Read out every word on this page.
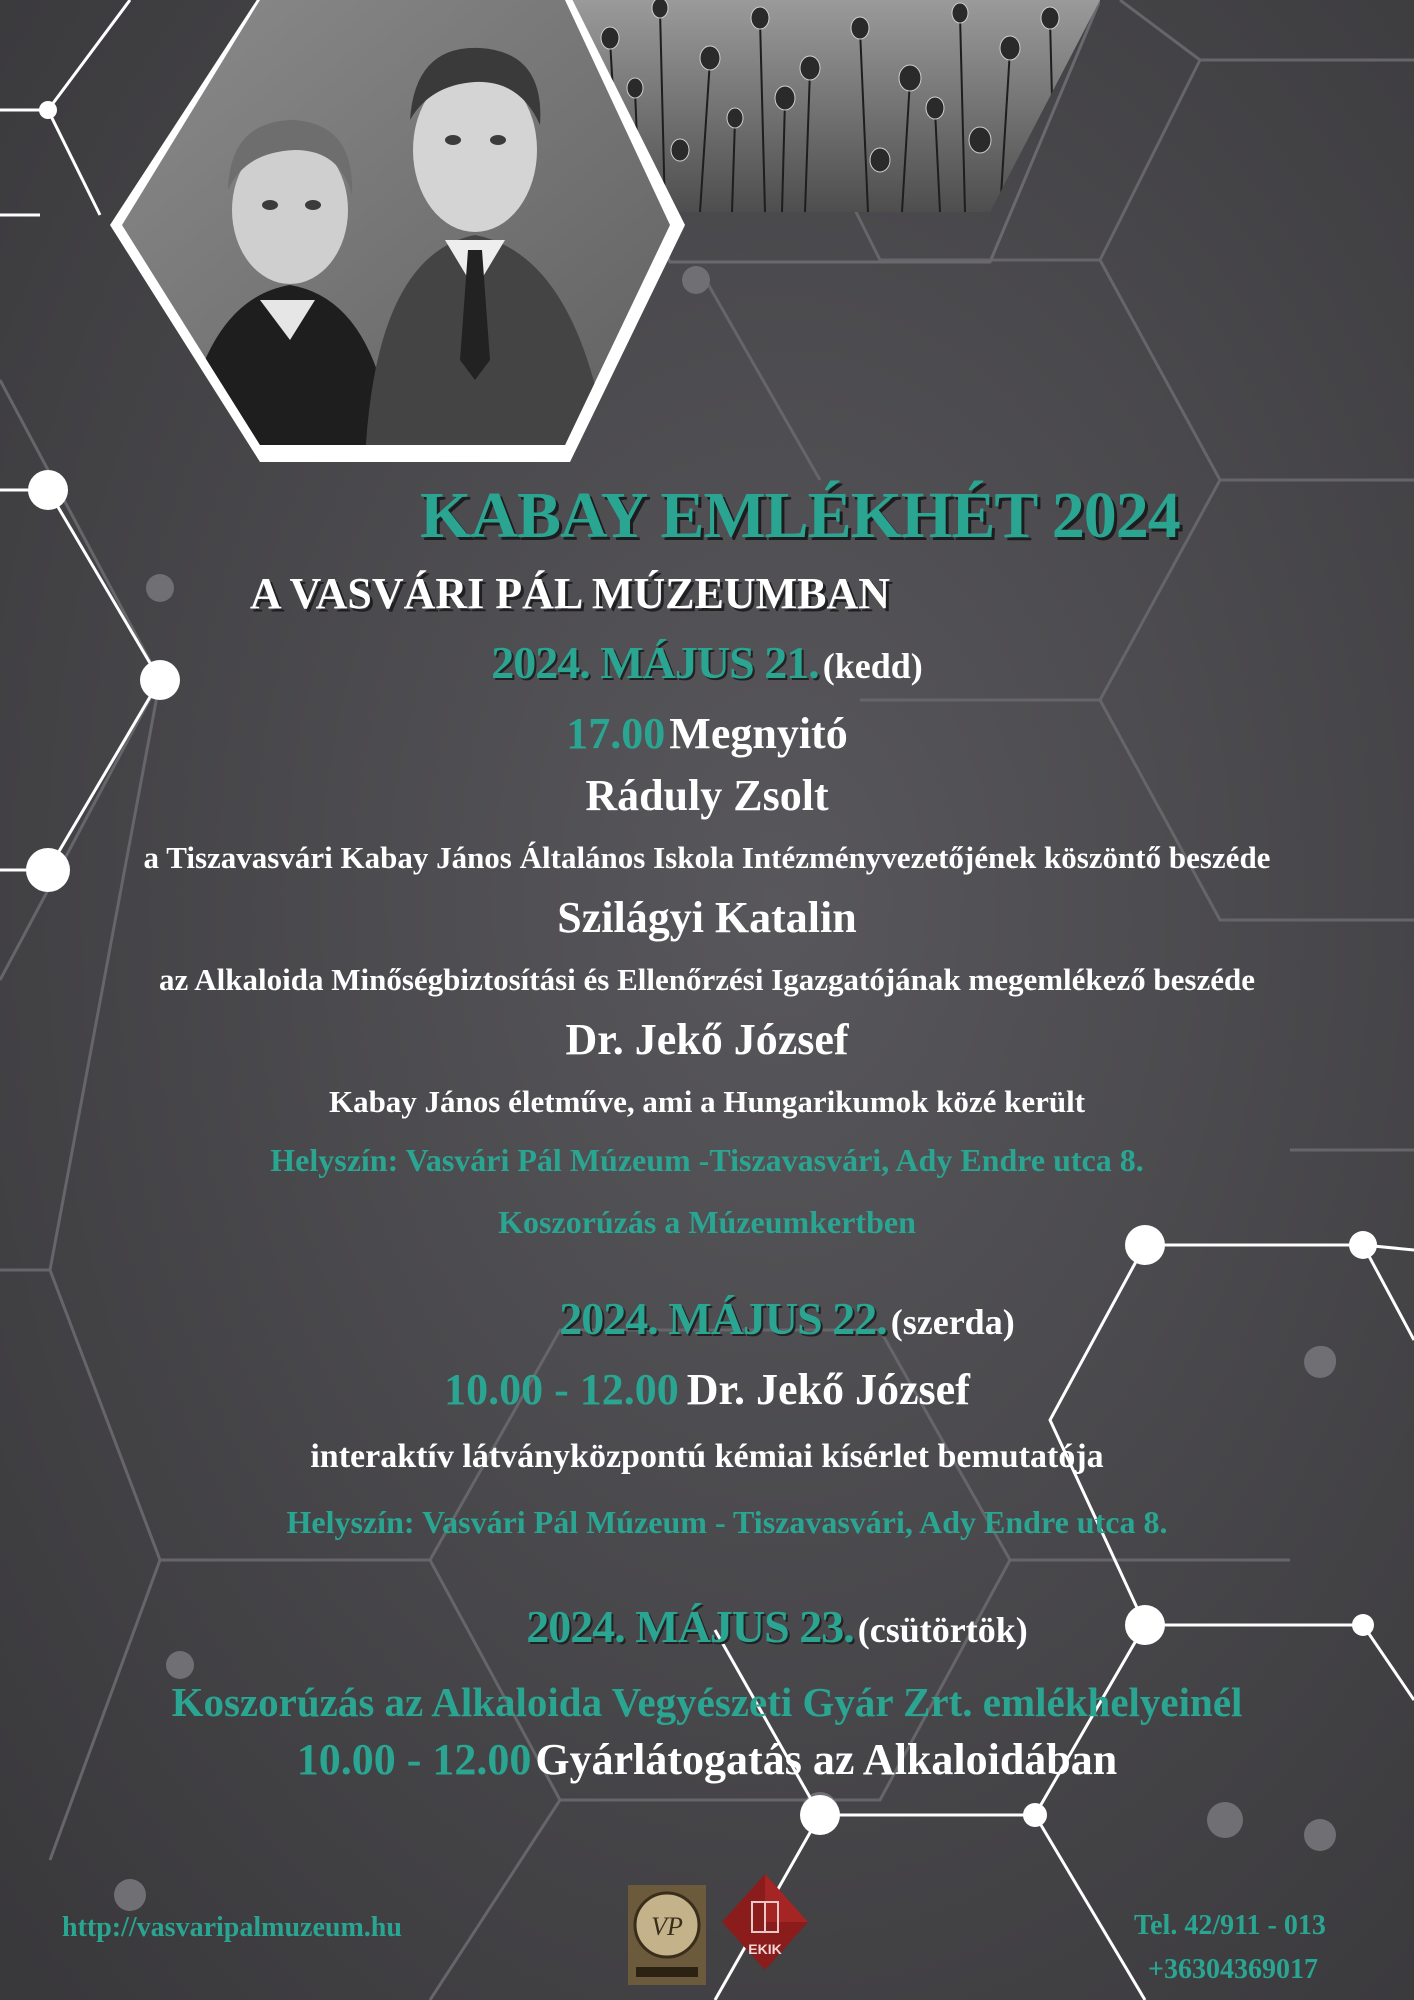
KABAY EMLÉKHÉT 2024
A VASVÁRI PÁL MÚZEUMBAN
2024. MÁJUS 21. (kedd)
17.00 Megnyitó
Ráduly Zsolt
a Tiszavasvári Kabay János Általános Iskola Intézményvezetőjének köszöntő beszéde
Szilágyi Katalin
az Alkaloida Minőségbiztosítási és Ellenőrzési Igazgatójának megemlékező beszéde
Dr. Jekő József
Kabay János életműve, ami a Hungarikumok közé került
Helyszín: Vasvári Pál Múzeum -Tiszavasvári, Ady Endre utca 8.
Koszorúzás a Múzeumkertben
2024. MÁJUS 22. (szerda)
10.00 - 12.00 Dr. Jekő József
interaktív látványközpontú kémiai kísérlet bemutatója
Helyszín: Vasvári Pál Múzeum - Tiszavasvári, Ady Endre utca 8.
2024. MÁJUS 23. (csütörtök)
Koszorúzás az Alkaloida Vegyészeti Gyár Zrt. emlékhelyeinél
10.00 - 12.00 Gyárlátogatás az Alkaloidában
http://vasvaripalmuzeum.hu	VP
EKIK
Tel. 42/911 - 013
+36304369017
